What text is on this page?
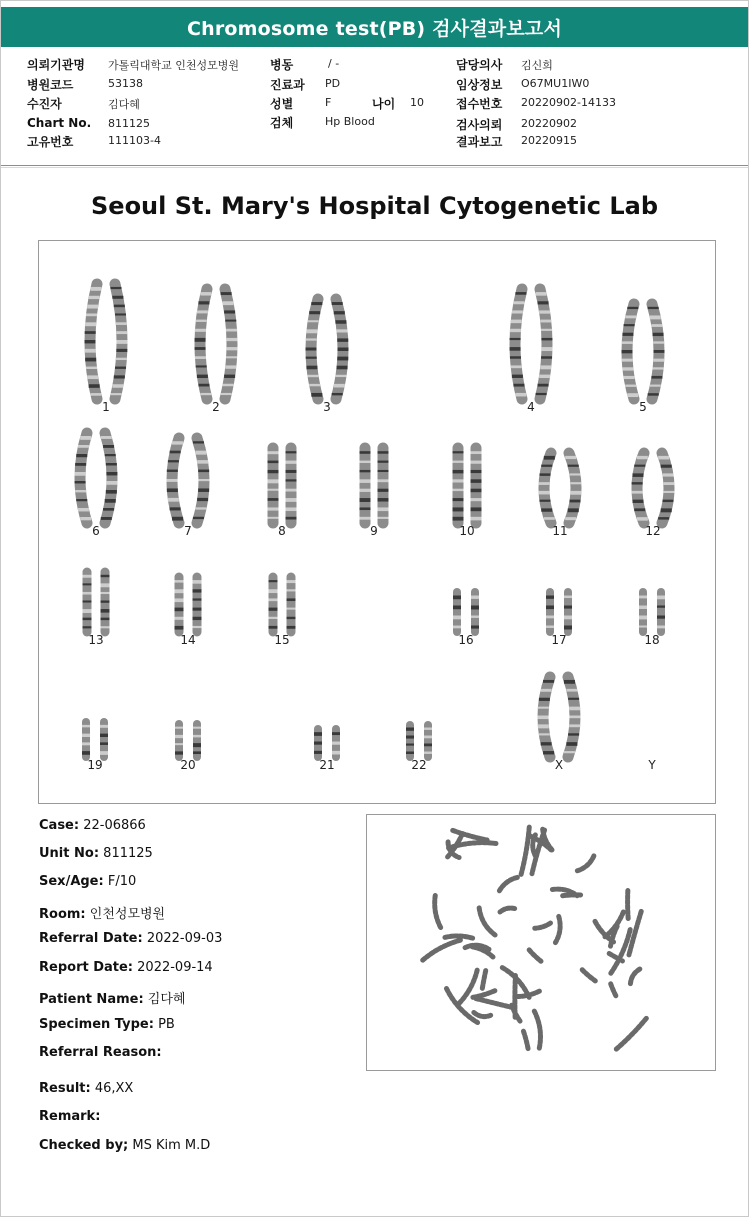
Chromosome test(PB) 검사결과보고서
의뢰기관명 가톨릭대학교 인천성모병원
병원코드	53138
수진자	김다혜
Chart No. 811125
고유번호	111103-4
병동	/ -
진료과 PD
성별	F	나이 10
검체	Hp Blood
담당의사 김신희
임상정보 O67MU1IW0
접수번호 20220902-14133
검사의뢰 20220902
결과보고 20220915
Seoul St. Mary's Hospital Cytogenetic Lab
1	2	3	4	5
6	7	8	9	10	11	12
13	14	15	16	17	18
19	20	21	22	X	Y
Case: 22-06866
Unit No: 811125
Sex/Age: F/10
Room: 인천성모병원
Referral Date: 2022-09-03
Report Date: 2022-09-14
Patient Name: 김다혜
Specimen Type: PB
Referral Reason:
Result: 46,XX
Remark:
Checked by; MS Kim M.D
